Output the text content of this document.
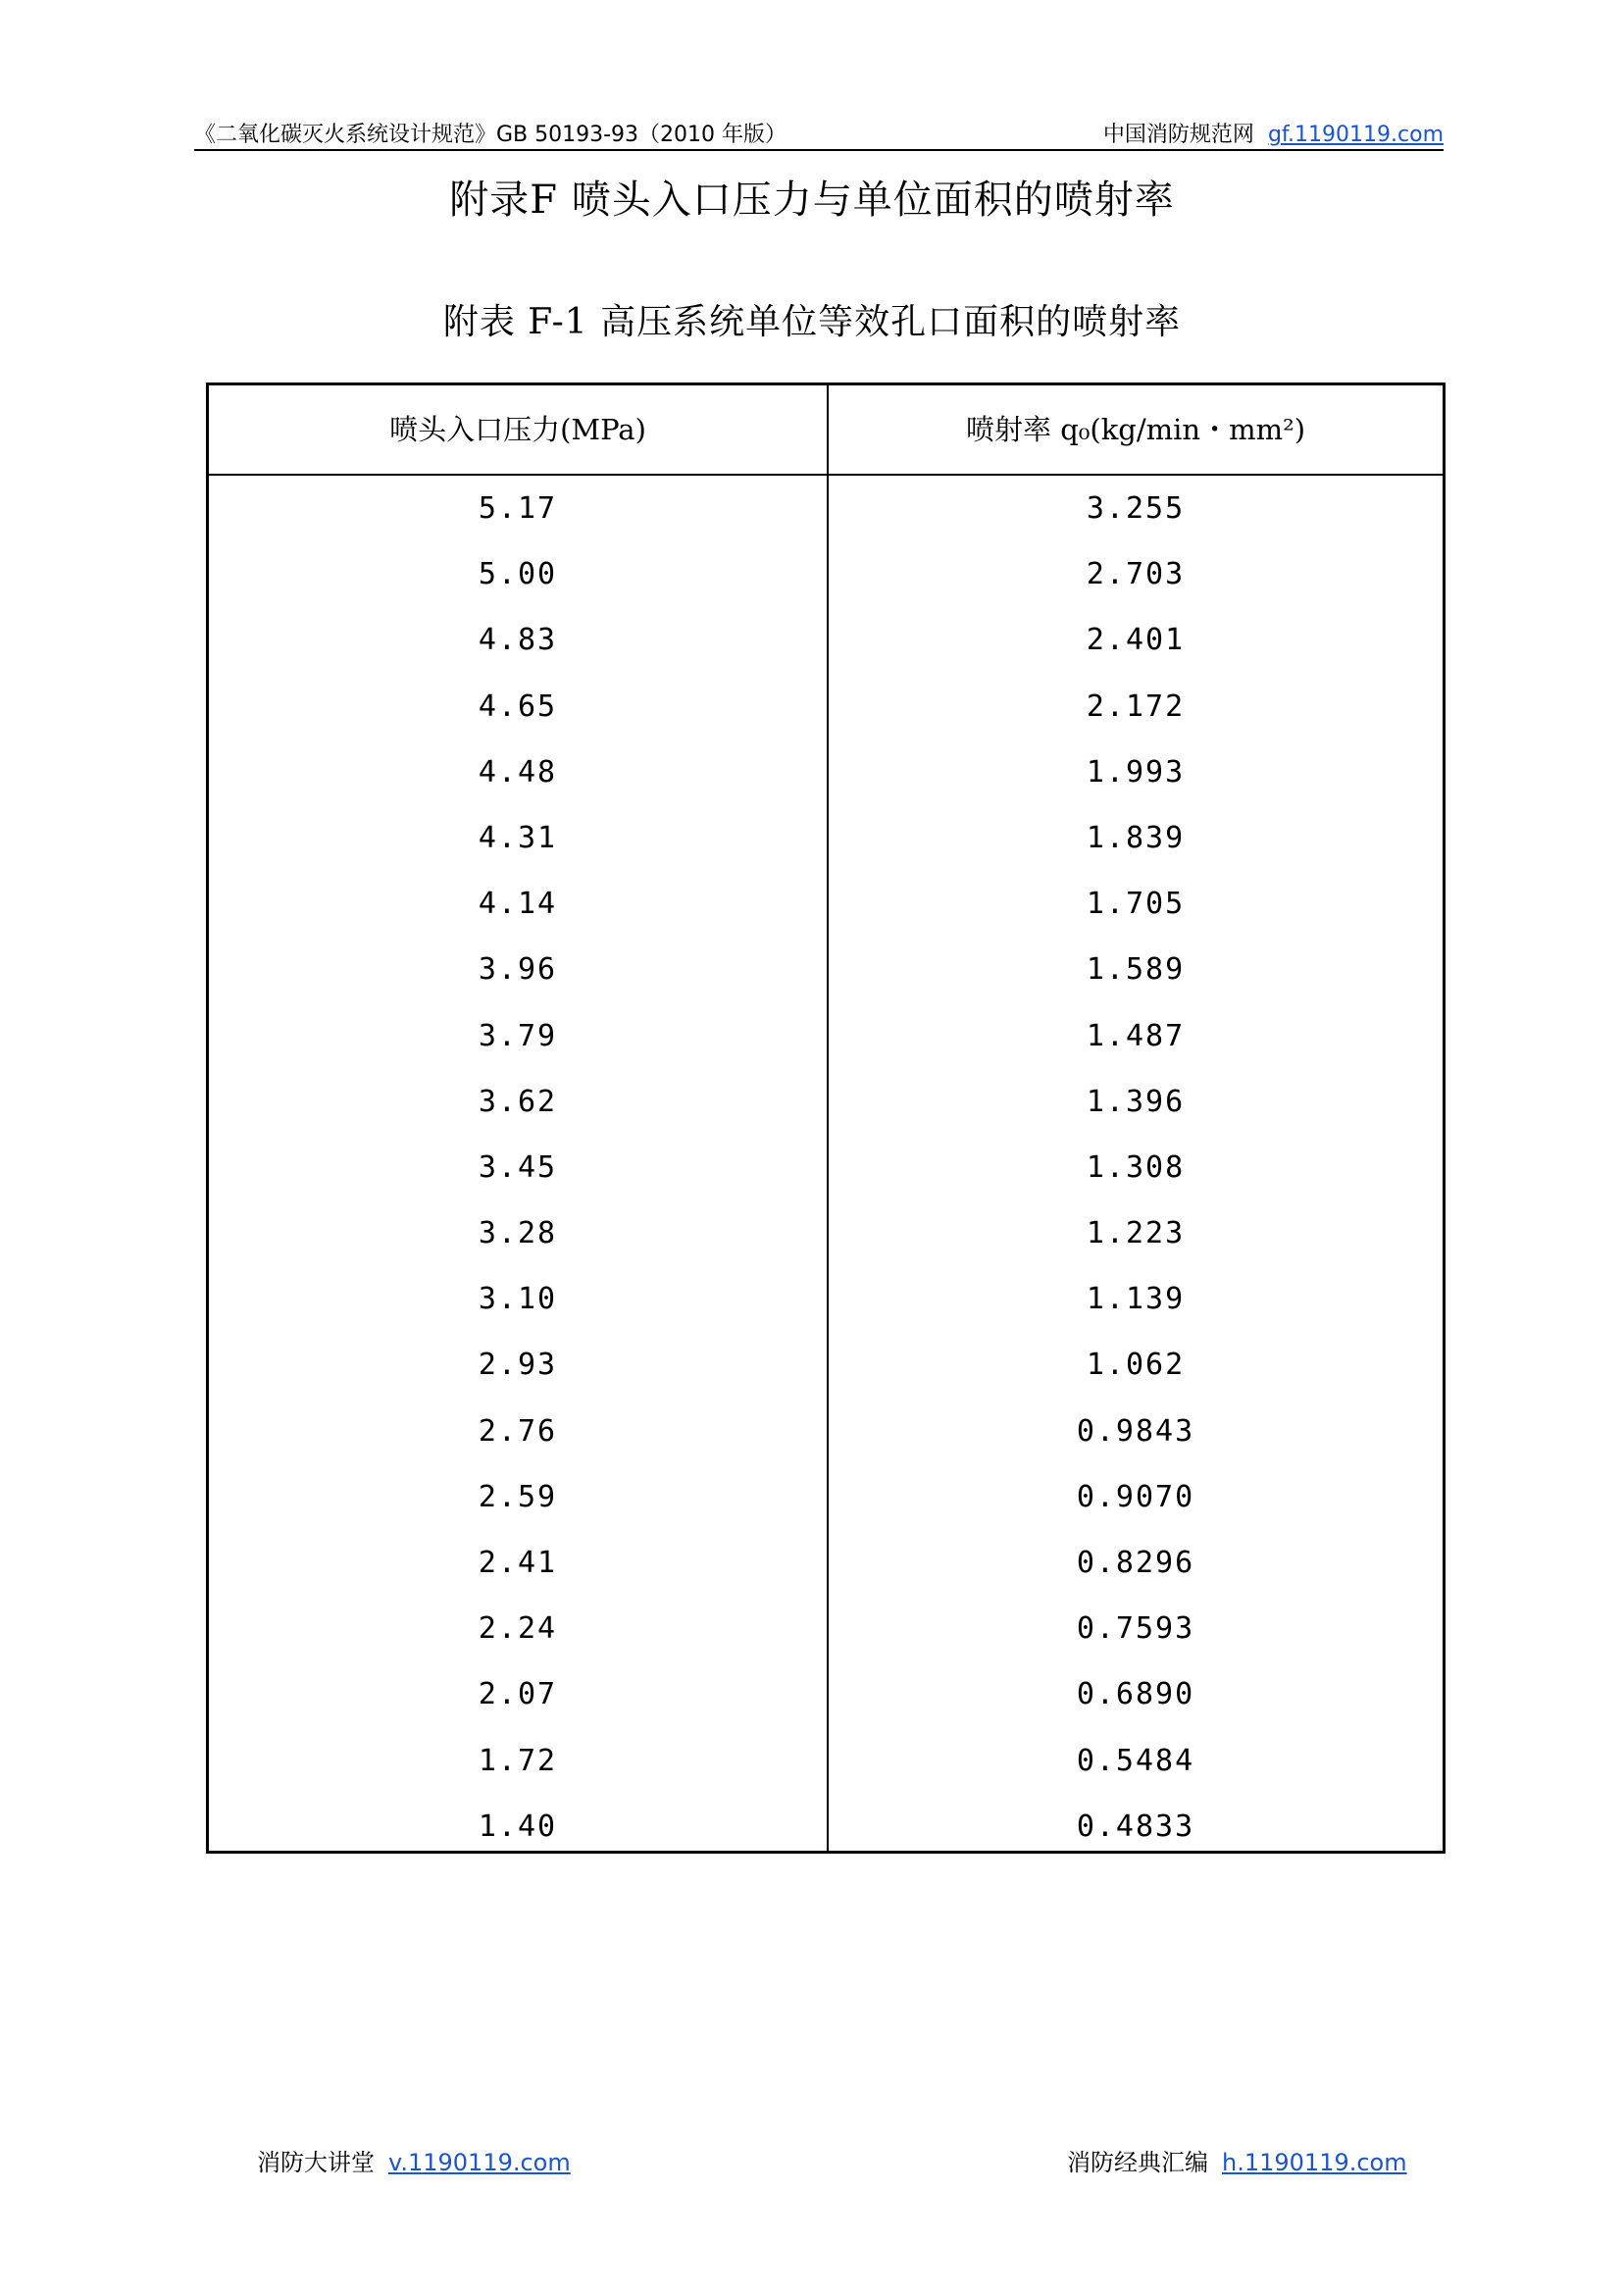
《二氧化碳灭火系统设计规范》GB 50193-93（2010 年版）	中国消防规范网 gf.1190119.com
附录F 喷头入口压力与单位面积的喷射率
附表 F-1 高压系统单位等效孔口面积的喷射率
喷头入口压力(MPa)	喷射率 q₀(kg/min・mm²)
5.17	3.255
5.00	2.703
4.83	2.401
4.65	2.172
4.48	1.993
4.31	1.839
4.14	1.705
3.96	1.589
3.79	1.487
3.62	1.396
3.45	1.308
3.28	1.223
3.10	1.139
2.93	1.062
2.76	0.9843
2.59	0.9070
2.41	0.8296
2.24	0.7593
2.07	0.6890
1.72	0.5484
1.40	0.4833
消防大讲堂 v.1190119.com	消防经典汇编 h.1190119.com
